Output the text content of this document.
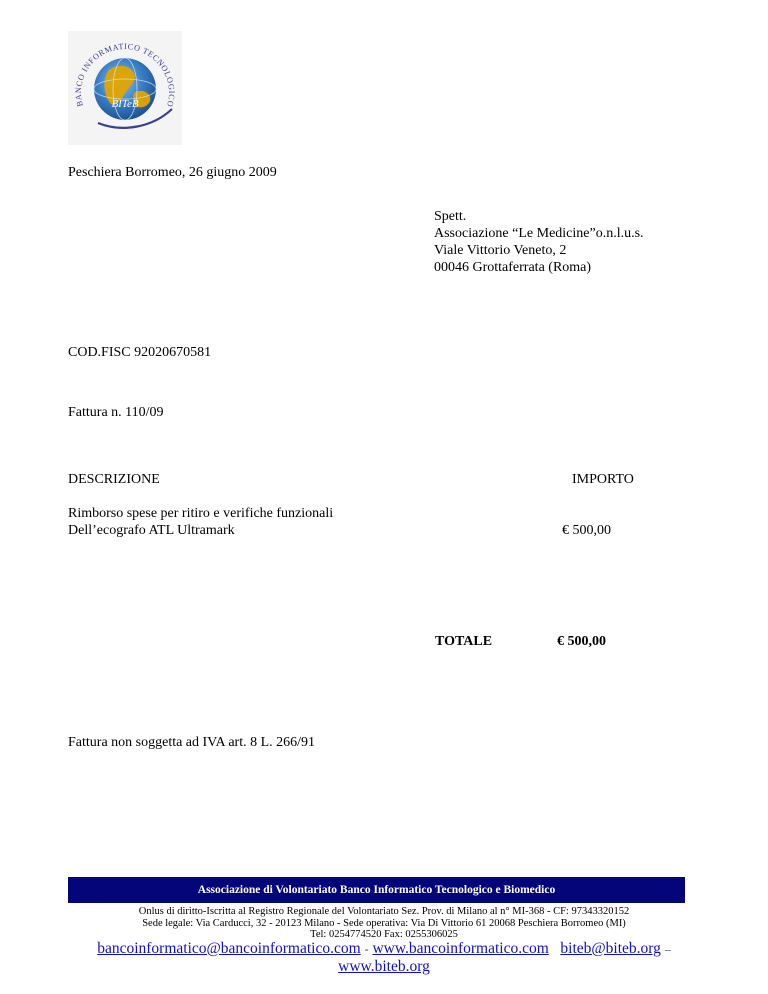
BANCO INFORMATICO TECNOLOGICO
BITeB
Peschiera Borromeo, 26 giugno 2009
Spett.
Associazione “Le Medicine”o.n.l.u.s.
Viale Vittorio Veneto, 2
00046 Grottaferrata (Roma)
COD.FISC 92020670581
Fattura n. 110/09
DESCRIZIONE	IMPORTO
Rimborso spese per ritiro e verifiche funzionali
Dell’ecografo ATL Ultramark	€ 500,00
TOTALE	€ 500,00
Fattura non soggetta ad IVA art. 8 L. 266/91
Associazione di Volontariato Banco Informatico Tecnologico e Biomedico
Onlus di diritto-Iscritta al Registro Regionale del Volontariato Sez. Prov. di Milano al n° MI-368 - CF: 97343320152
Sede legale: Via Carducci, 32 - 20123 Milano - Sede operativa: Via Di Vittorio 61 20068 Peschiera Borromeo (MI)
Tel: 0254774520 Fax: 0255306025
bancoinformatico@bancoinformatico.com - www.bancoinformatico.com biteb@biteb.org –
www.biteb.org
